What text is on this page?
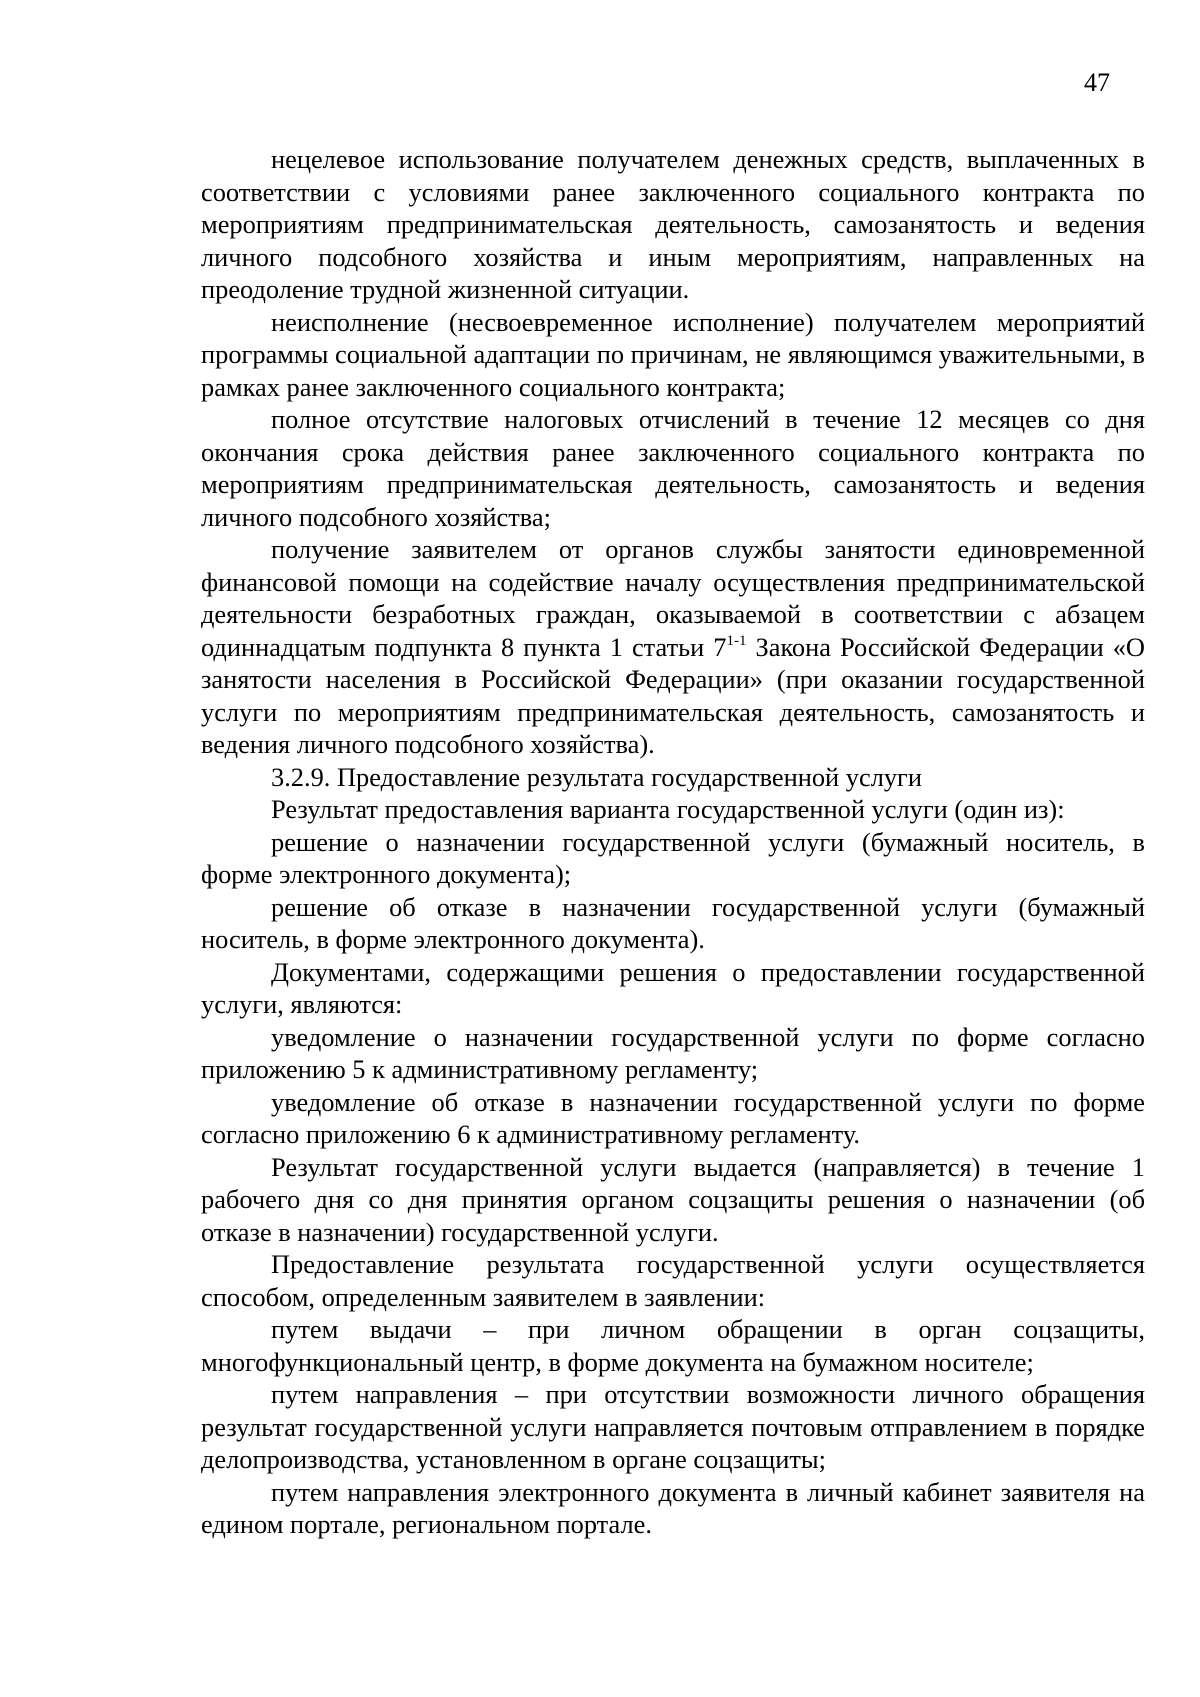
47

нецелевое использование получателем денежных средств, выплаченных в соответствии с условиями ранее заключенного социального контракта по мероприятиям предпринимательская деятельность, самозанятость и ведения личного подсобного хозяйства и иным мероприятиям, направленных на преодоление трудной жизненной ситуации.

неисполнение (несвоевременное исполнение) получателем мероприятий программы социальной адаптации по причинам, не являющимся уважительными, в рамках ранее заключенного социального контракта;

полное отсутствие налоговых отчислений в течение 12 месяцев со дня окончания срока действия ранее заключенного социального контракта по мероприятиям предпринимательская деятельность, самозанятость и ведения личного подсобного хозяйства;

получение заявителем от органов службы занятости единовременной финансовой помощи на содействие началу осуществления предпринимательской деятельности безработных граждан, оказываемой в соответствии с абзацем одиннадцатым подпункта 8 пункта 1 статьи 7$^{1-1}$ Закона Российской Федерации «О занятости населения в Российской Федерации» (при оказании государственной услуги по мероприятиям предпринимательская деятельность, самозанятость и ведения личного подсобного хозяйства).

3.2.9. Предоставление результата государственной услуги

Результат предоставления варианта государственной услуги (один из):

решение о назначении государственной услуги (бумажный носитель, в форме электронного документа);

решение об отказе в назначении государственной услуги (бумажный носитель, в форме электронного документа).

Документами, содержащими решения о предоставлении государственной услуги, являются:

уведомление о назначении государственной услуги по форме согласно приложению 5 к административному регламенту;

уведомление об отказе в назначении государственной услуги по форме согласно приложению 6 к административному регламенту.

Результат государственной услуги выдается (направляется) в течение 1 рабочего дня со дня принятия органом соцзащиты решения о назначении (об отказе в назначении) государственной услуги.

Предоставление результата государственной услуги осуществляется способом, определенным заявителем в заявлении:

путем выдачи – при личном обращении в орган соцзащиты, многофункциональный центр, в форме документа на бумажном носителе;

путем направления – при отсутствии возможности личного обращения результат государственной услуги направляется почтовым отправлением в порядке делопроизводства, установленном в органе соцзащиты;

путем направления электронного документа в личный кабинет заявителя на едином портале, региональном портале.
